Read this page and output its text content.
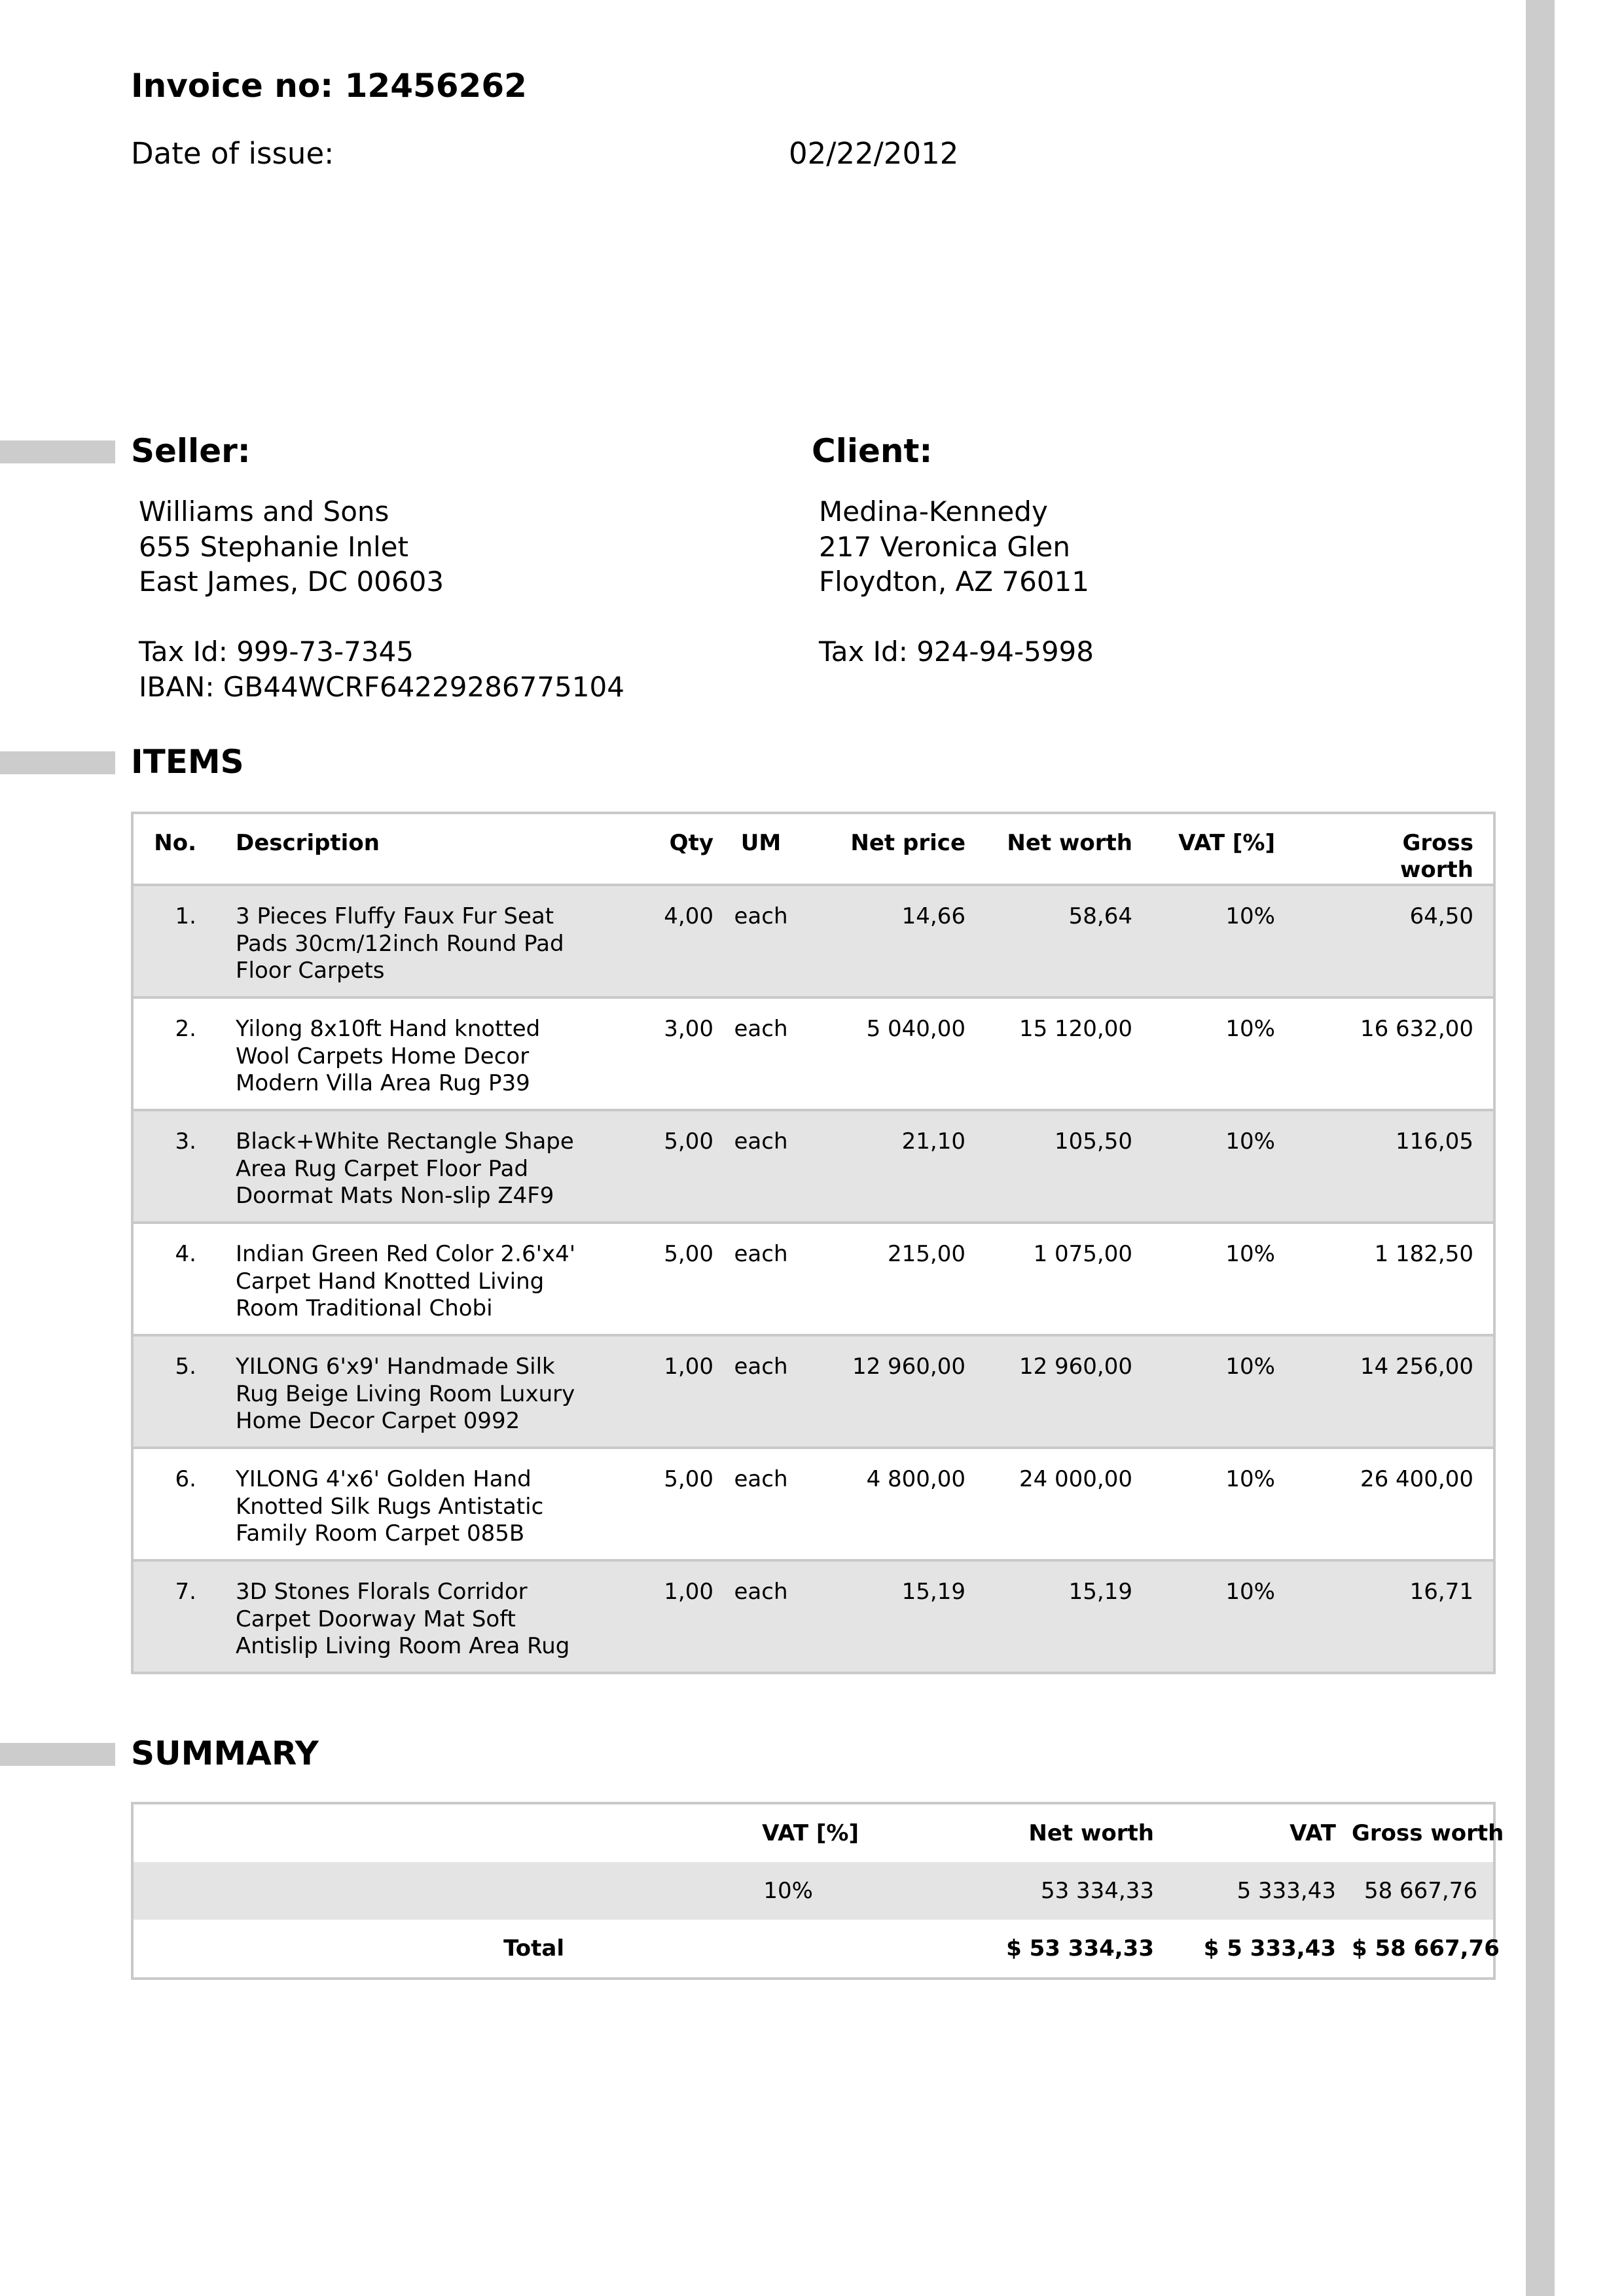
Invoice no: 12456262
Date of issue:	02/22/2012
Seller:	Client:
Williams and Sons
655 Stephanie Inlet
East James, DC 00603
Tax Id: 999-73-7345
IBAN: GB44WCRF64229286775104
Medina-Kennedy
217 Veronica Glen
Floydton, AZ 76011
Tax Id: 924-94-5998
ITEMS
No.	Description	Qty	UM	Net price	Net worth	VAT [%]	Gross
worth

1.	3 Pieces Fluffy Faux Fur Seat
Pads 30cm/12inch Round Pad
Floor Carpets	4,00	each	14,66	58,64	10%	64,50
2.	Yilong 8x10ft Hand knotted
Wool Carpets Home Decor
Modern Villa Area Rug P39	3,00	each	5 040,00	15 120,00	10%	16 632,00
3.	Black+White Rectangle Shape
Area Rug Carpet Floor Pad
Doormat Mats Non-slip Z4F9	5,00	each	21,10	105,50	10%	116,05
4.	Indian Green Red Color 2.6'x4'
Carpet Hand Knotted Living
Room Traditional Chobi	5,00	each	215,00	1 075,00	10%	1 182,50
5.	YILONG 6'x9' Handmade Silk
Rug Beige Living Room Luxury
Home Decor Carpet 0992	1,00	each	12 960,00	12 960,00	10%	14 256,00
6.	YILONG 4'x6' Golden Hand
Knotted Silk Rugs Antistatic
Family Room Carpet 085B	5,00	each	4 800,00	24 000,00	10%	26 400,00
7.	3D Stones Florals Corridor
Carpet Doorway Mat Soft
Antislip Living Room Area Rug	1,00	each	15,19	15,19	10%	16,71
SUMMARY
	VAT [%]	Net worth	VAT	Gross worth
	10%	53 334,33	5 333,43	58 667,76
Total		$ 53 334,33	$ 5 333,43	$ 58 667,76
